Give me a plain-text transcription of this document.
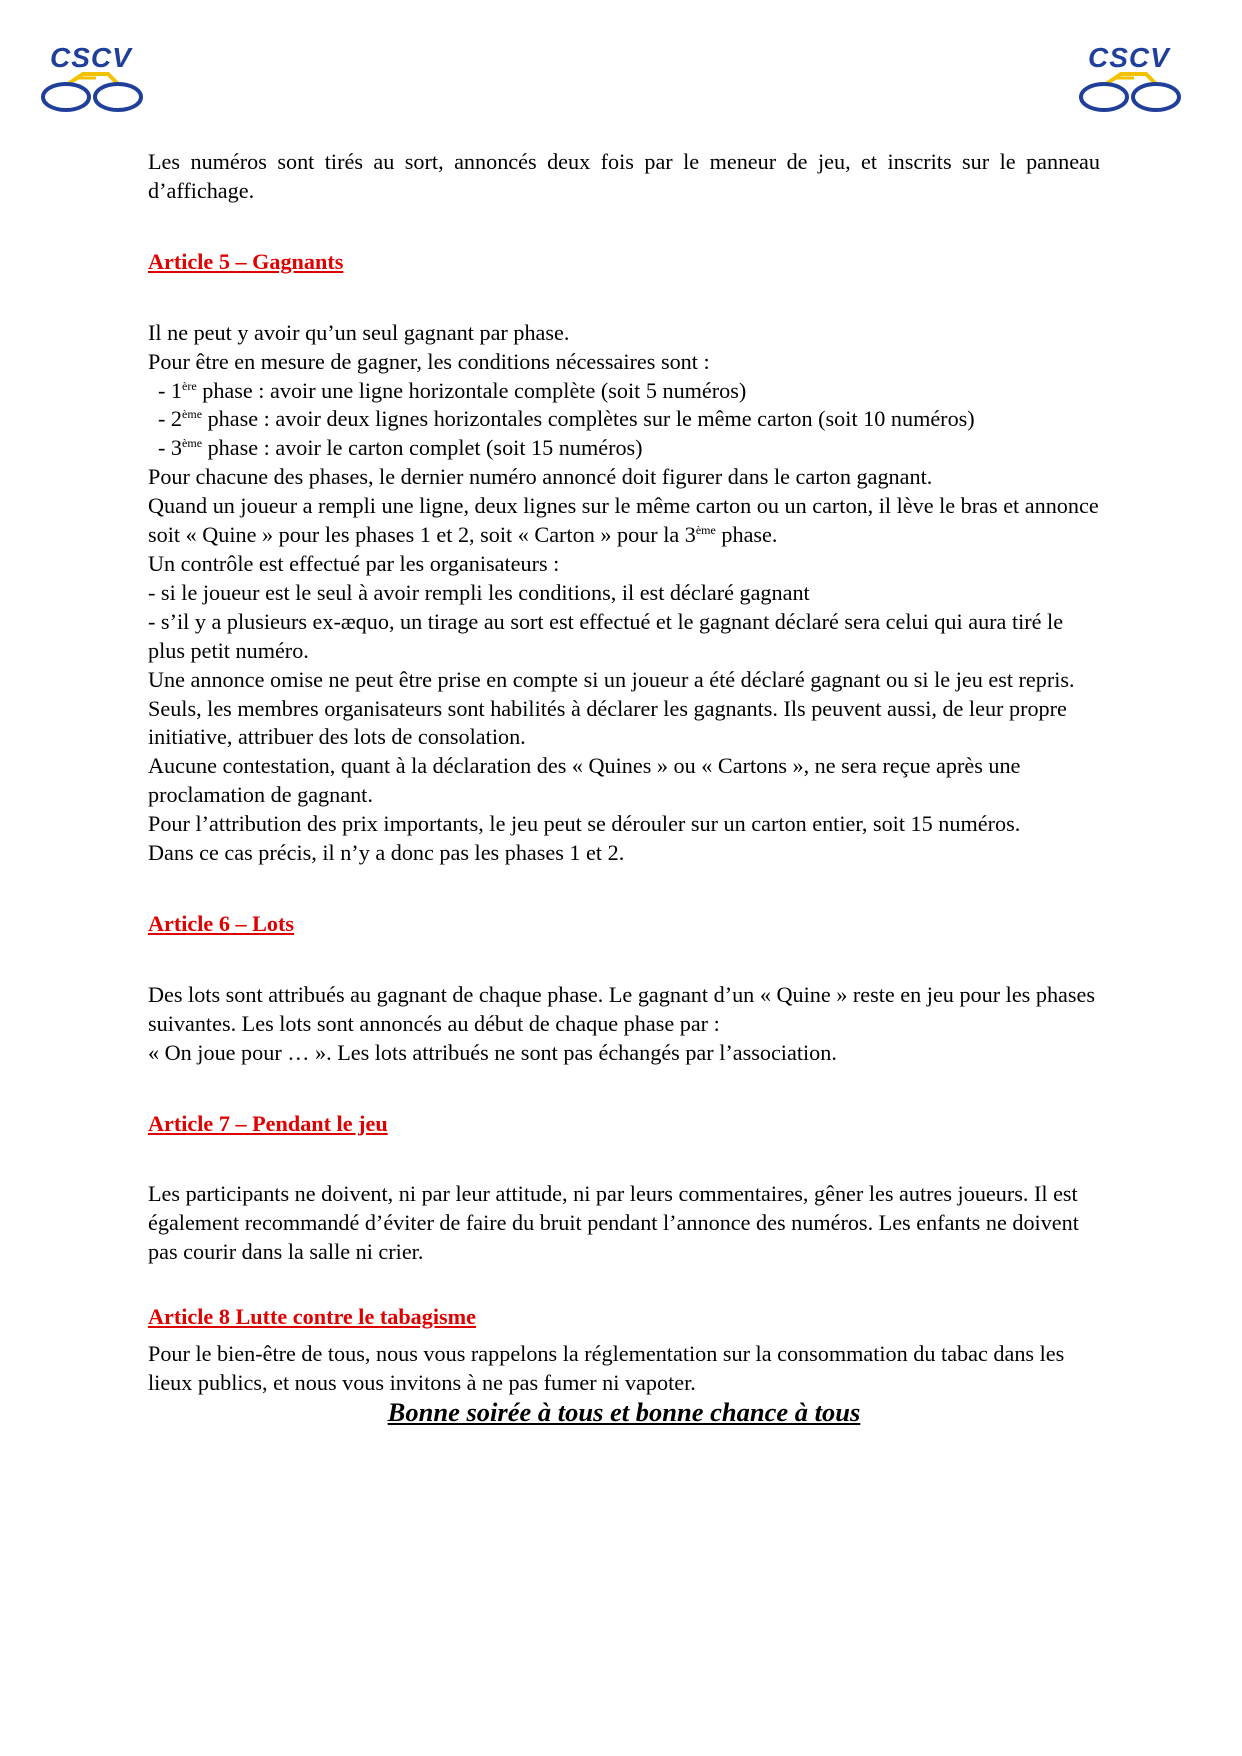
CSCV	CSCV

Les numéros sont tirés au sort, annoncés deux fois par le meneur de jeu, et inscrits sur le panneau d’affichage.

Article 5 – Gagnants

Il ne peut y avoir qu’un seul gagnant par phase.

Pour être en mesure de gagner, les conditions nécessaires sont :

- 1ère phase : avoir une ligne horizontale complète (soit 5 numéros)

- 2ème phase : avoir deux lignes horizontales complètes sur le même carton (soit 10 numéros)

- 3ème phase : avoir le carton complet (soit 15 numéros)

Pour chacune des phases, le dernier numéro annoncé doit figurer dans le carton gagnant.

Quand un joueur a rempli une ligne, deux lignes sur le même carton ou un carton, il lève le bras et annonce soit « Quine » pour les phases 1 et 2, soit « Carton » pour la 3ème phase.

Un contrôle est effectué par les organisateurs :

- si le joueur est le seul à avoir rempli les conditions, il est déclaré gagnant

- s’il y a plusieurs ex-æquo, un tirage au sort est effectué et le gagnant déclaré sera celui qui aura tiré le plus petit numéro.

Une annonce omise ne peut être prise en compte si un joueur a été déclaré gagnant ou si le jeu est repris. Seuls, les membres organisateurs sont habilités à déclarer les gagnants. Ils peuvent aussi, de leur propre initiative, attribuer des lots de consolation.

Aucune contestation, quant à la déclaration des « Quines » ou « Cartons », ne sera reçue après une proclamation de gagnant.

Pour l’attribution des prix importants, le jeu peut se dérouler sur un carton entier, soit 15 numéros.

Dans ce cas précis, il n’y a donc pas les phases 1 et 2.

Article 6 – Lots

Des lots sont attribués au gagnant de chaque phase. Le gagnant d’un « Quine » reste en jeu pour les phases suivantes. Les lots sont annoncés au début de chaque phase par :

« On joue pour … ». Les lots attribués ne sont pas échangés par l’association.

Article 7 – Pendant le jeu

Les participants ne doivent, ni par leur attitude, ni par leurs commentaires, gêner les autres joueurs. Il est également recommandé d’éviter de faire du bruit pendant l’annonce des numéros. Les enfants ne doivent pas courir dans la salle ni crier.

Article 8 Lutte contre le tabagisme

Pour le bien-être de tous, nous vous rappelons la réglementation sur la consommation du tabac dans les lieux publics, et nous vous invitons à ne pas fumer ni vapoter.

Bonne soirée à tous et bonne chance à tous
